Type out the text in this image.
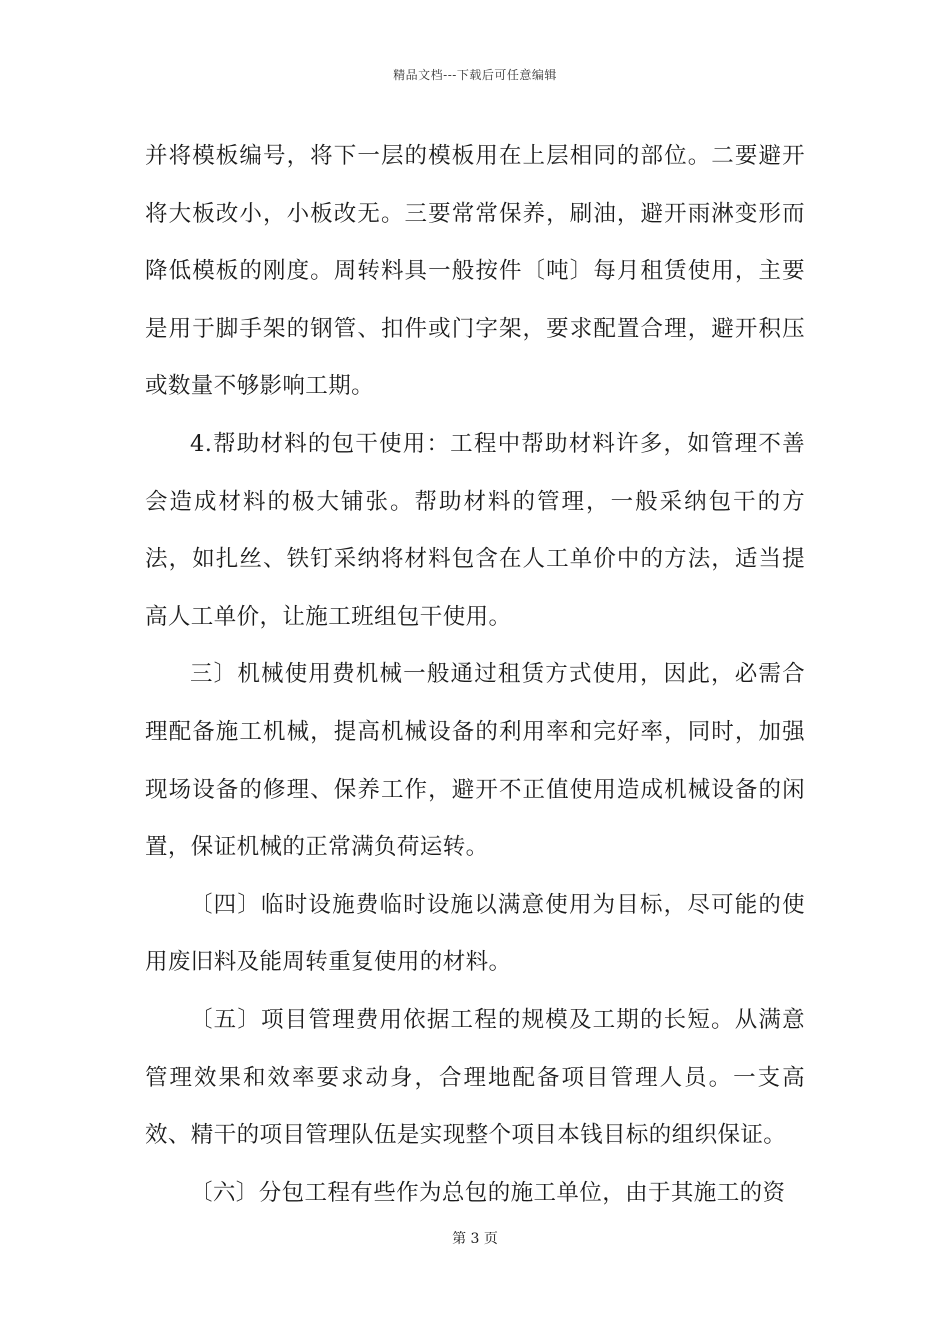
精品文档---下载后可任意编辑

并将模板编号，将下一层的模板用在上层相同的部位。二要避开将大板改小，小板改无。三要常常保养，刷油，避开雨淋变形而降低模板的刚度。周转料具一般按件〔吨〕每月租赁使用，主要是用于脚手架的钢管、扣件或门字架，要求配置合理，避开积压或数量不够影响工期。

4.帮助材料的包干使用：工程中帮助材料许多，如管理不善会造成材料的极大铺张。帮助材料的管理，一般采纳包干的方法，如扎丝、铁钉采纳将材料包含在人工单价中的方法，适当提高人工单价，让施工班组包干使用。

三〕机械使用费机械一般通过租赁方式使用，因此，必需合理配备施工机械，提高机械设备的利用率和完好率，同时，加强现场设备的修理、保养工作，避开不正值使用造成机械设备的闲置，保证机械的正常满负荷运转。

〔四〕临时设施费临时设施以满意使用为目标，尽可能的使用废旧料及能周转重复使用的材料。

〔五〕项目管理费用依据工程的规模及工期的长短。从满意管理效果和效率要求动身，合理地配备项目管理人员。一支高效、精干的项目管理队伍是实现整个项目本钱目标的组织保证。

〔六〕分包工程有些作为总包的施工单位，由于其施工的资

第 3 页
